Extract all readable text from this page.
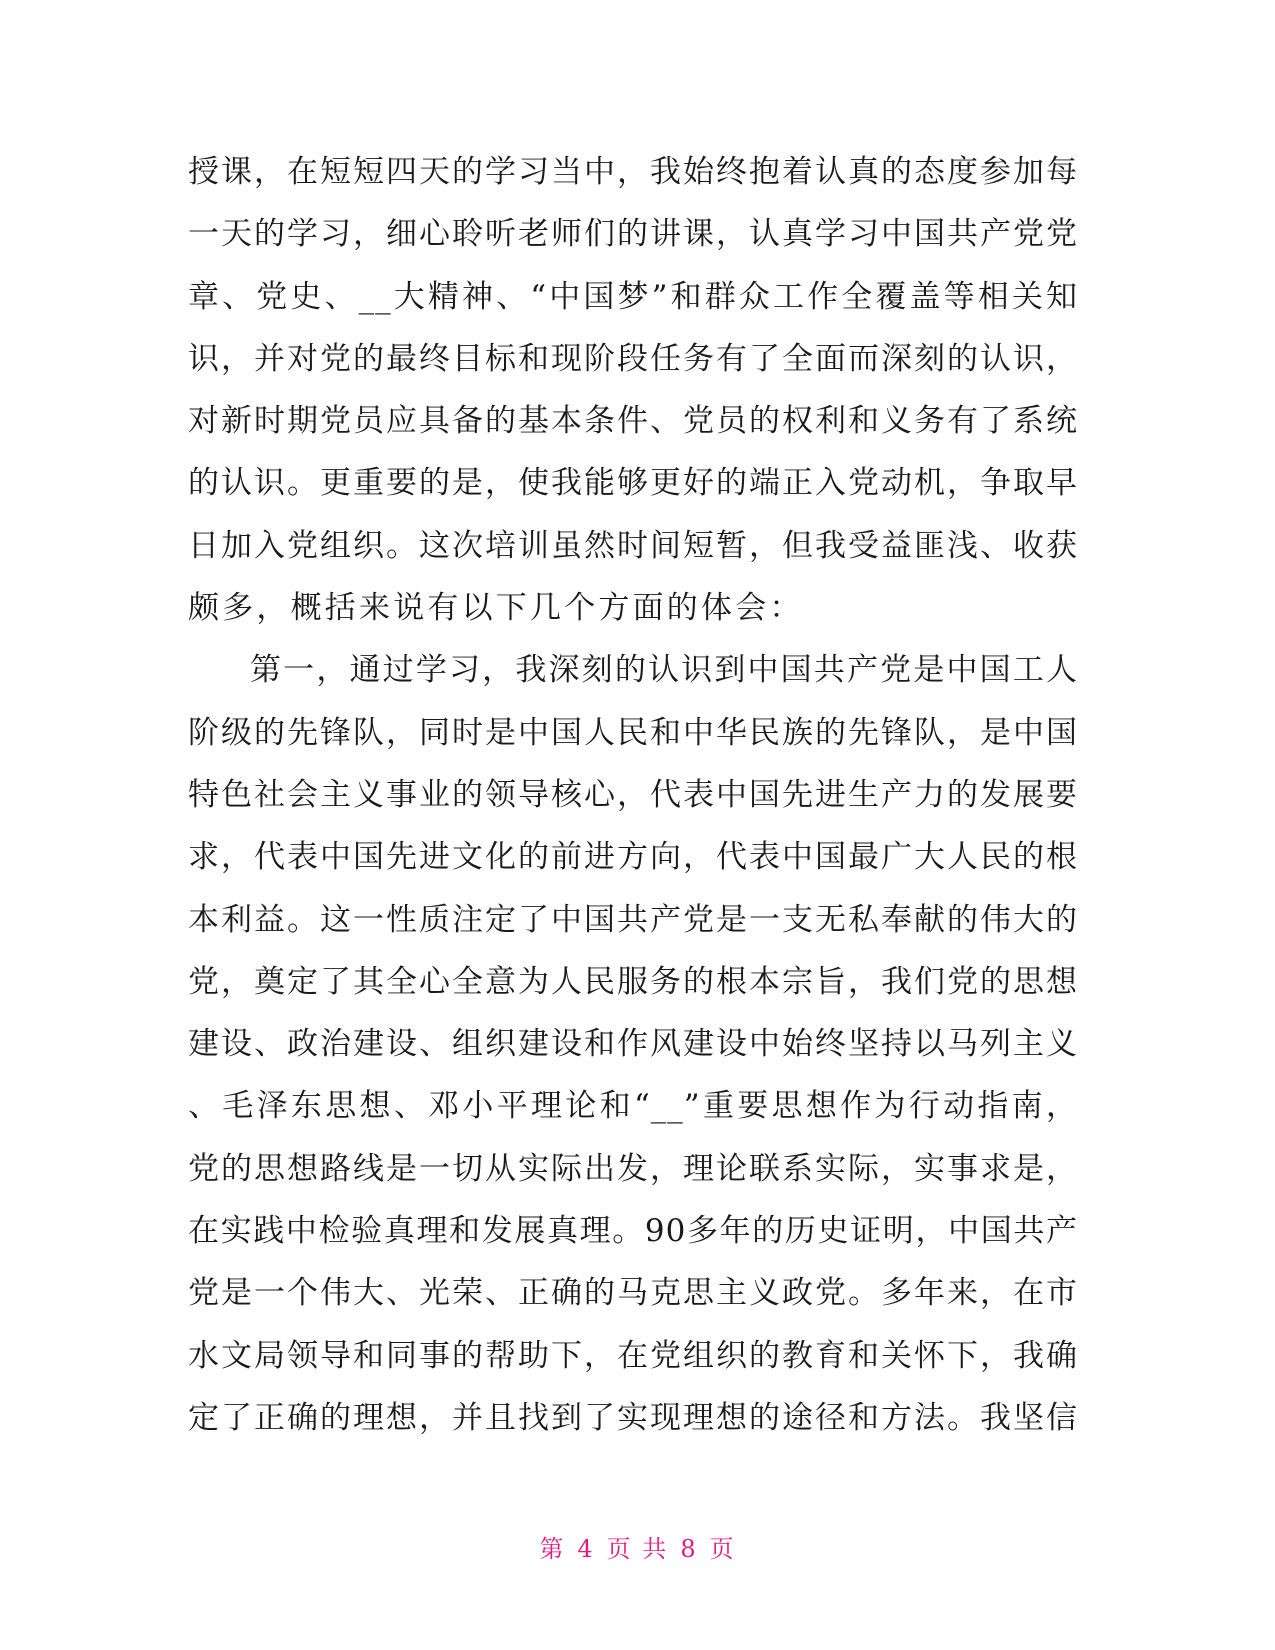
授课，在短短四天的学习当中，我始终抱着认真的态度参加每
一天的学习，细心聆听老师们的讲课，认真学习中国共产党党
章、党史、__大精神、“中国梦”和群众工作全覆盖等相关知
识，并对党的最终目标和现阶段任务有了全面而深刻的认识，
对新时期党员应具备的基本条件、党员的权利和义务有了系统
的认识。更重要的是，使我能够更好的端正入党动机，争取早
日加入党组织。这次培训虽然时间短暂，但我受益匪浅、收获
颇多，概括来说有以下几个方面的体会：
第一，通过学习，我深刻的认识到中国共产党是中国工人
阶级的先锋队，同时是中国人民和中华民族的先锋队，是中国
特色社会主义事业的领导核心，代表中国先进生产力的发展要
求，代表中国先进文化的前进方向，代表中国最广大人民的根
本利益。这一性质注定了中国共产党是一支无私奉献的伟大的
党，奠定了其全心全意为人民服务的根本宗旨，我们党的思想
建设、政治建设、组织建设和作风建设中始终坚持以马列主义
、毛泽东思想、邓小平理论和“__”重要思想作为行动指南，
党的思想路线是一切从实际出发，理论联系实际，实事求是，
在实践中检验真理和发展真理。90多年的历史证明，中国共产
党是一个伟大、光荣、正确的马克思主义政党。多年来，在市
水文局领导和同事的帮助下，在党组织的教育和关怀下，我确
定了正确的理想，并且找到了实现理想的途径和方法。我坚信
第 4 页 共 8 页
